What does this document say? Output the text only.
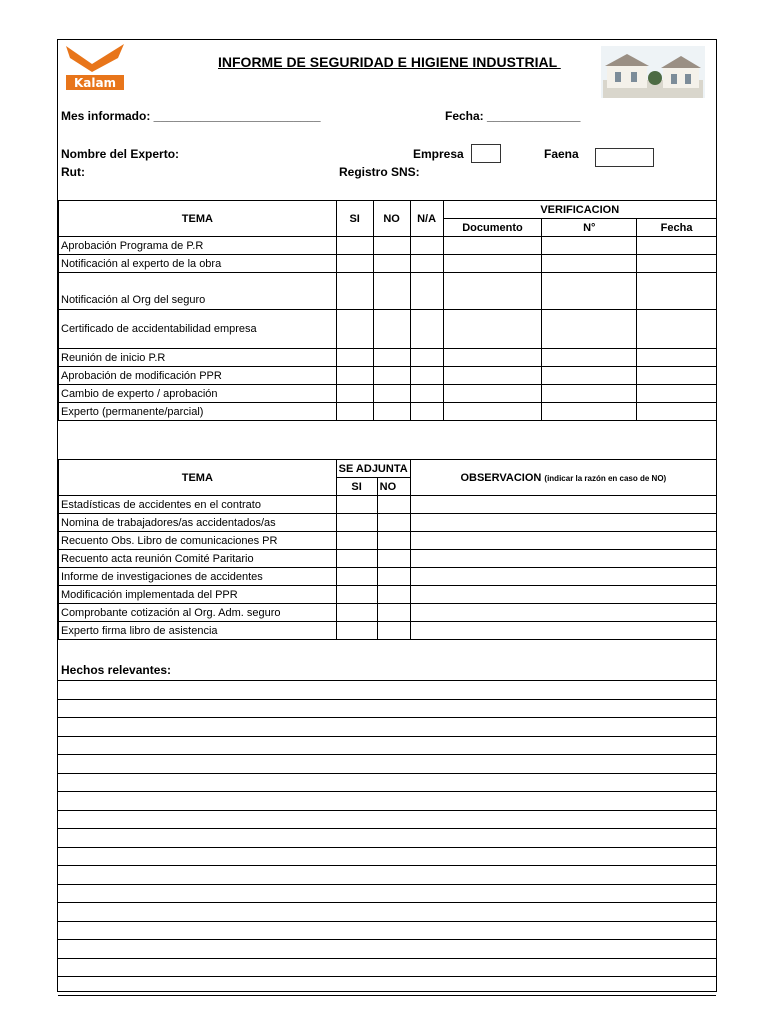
Kalam
INFORME DE SEGURIDAD E HIGIENE INDUSTRIAL
Mes informado: _________________________	Fecha: ______________
Nombre del Experto:	Empresa	Faena
Rut:	Registro SNS:
TEMA	SI	NO	N/A	VERIFICACION		
				Documento	N°	Fecha
Aprobación Programa de P.R						
Notificación al experto de la obra						
Notificación al Org del seguro						
Certificado de accidentabilidad empresa						
Reunión de inicio P.R						
Aprobación de modificación PPR						
Cambio de experto / aprobación						
Experto (permanente/parcial)						
TEMA	SE ADJUNTA		OBSERVACION (indicar la razón en caso de NO)
	SI	NO	
Estadísticas de accidentes en el contrato			
Nomina de trabajadores/as accidentados/as			
Recuento Obs. Libro de comunicaciones PR			
Recuento acta reunión Comité Paritario			
Informe de investigaciones de accidentes			
Modificación implementada del PPR			
Comprobante cotización al Org. Adm. seguro			
Experto firma libro de asistencia			
Hechos relevantes:
